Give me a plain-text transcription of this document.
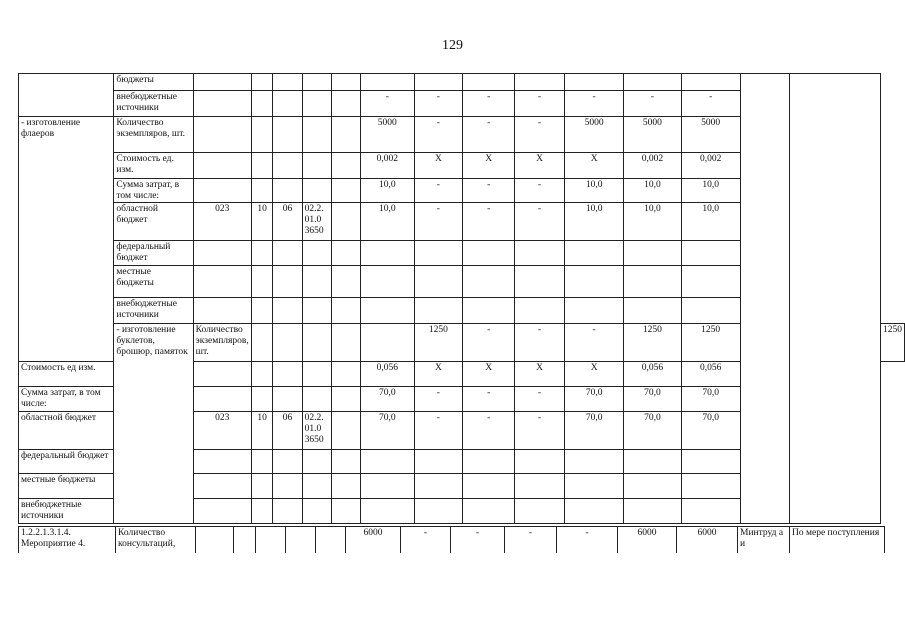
129
	бюджеты															
	внебюджетные источники						-	-	-	-	-	-	-			
- изготовление флаеров	Количество экземпляров, шт.						5000	-	-	-	5000	5000	5000			
	Стоимость ед. изм.						0,002	Х	Х	Х	Х	0,002	0,002			
	Сумма затрат, в том числе:						10,0	-	-	-	10,0	10,0	10,0			
	областной бюджет	023	10	06	02.2. 01.0 3650		10,0	-	-	-	10,0	10,0	10,0			
	федеральный бюджет															
	местные бюджеты															
	внебюджетные источники															
	- изготовление буклетов, брошюр, памяток	Количество экземпляров, шт.						1250	-	-	-	1250	1250			1250
Стоимость ед изм.							0,056	Х	Х	Х	Х	0,056	0,056			
Сумма затрат, в том числе:							70,0	-	-	-	70,0	70,0	70,0			
областной бюджет		023	10	06	02.2. 01.0 3650		70,0	-	-	-	70,0	70,0	70,0			
федеральный бюджет																
местные бюджеты																
внебюджетные источники																
1.2.2.1.3.1.4. Мероприятие 4.	Количество консультаций,						6000	-	-	-	-	6000	6000	Минтруд а и	По мере поступления
